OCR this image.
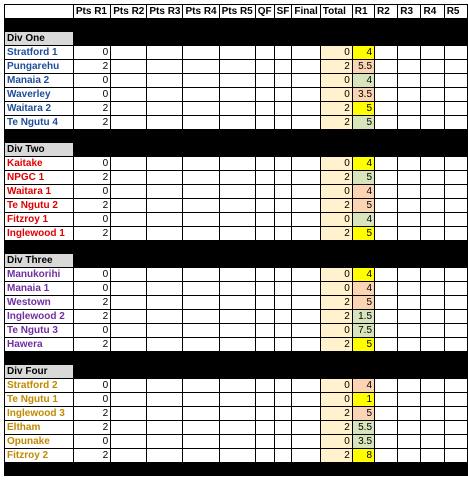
	Pts R1	Pts R2	Pts R3	Pts R4	Pts R5	QF	SF	Final	Total	R1	R2	R3	R4	R5

Div One														
Stratford 1	0								0	4				
Pungarehu	2								2	5.5				
Manaia 2	0								0	4				
Waverley	0								0	3.5				
Waitara 2	2								2	5				
Te Ngutu 4	2								2	5				

Div Two														
Kaitake	0								0	4				
NPGC 1	2								2	5				
Waitara 1	0								0	4				
Te Ngutu 2	2								2	5				
Fitzroy 1	0								0	4				
Inglewood 1	2								2	5				

Div Three														
Manukorihi	0								0	4				
Manaia 1	0								0	4				
Westown	2								2	5				
Inglewood 2	2								2	1.5				
Te Ngutu 3	0								0	7.5				
Hawera	2								2	5				

Div Four														
Stratford 2	0								0	4				
Te Ngutu 1	0								0	1				
Inglewood 3	2								2	5				
Eltham	2								2	5.5				
Opunake	0								0	3.5				
Fitzroy 2	2								2	8				
